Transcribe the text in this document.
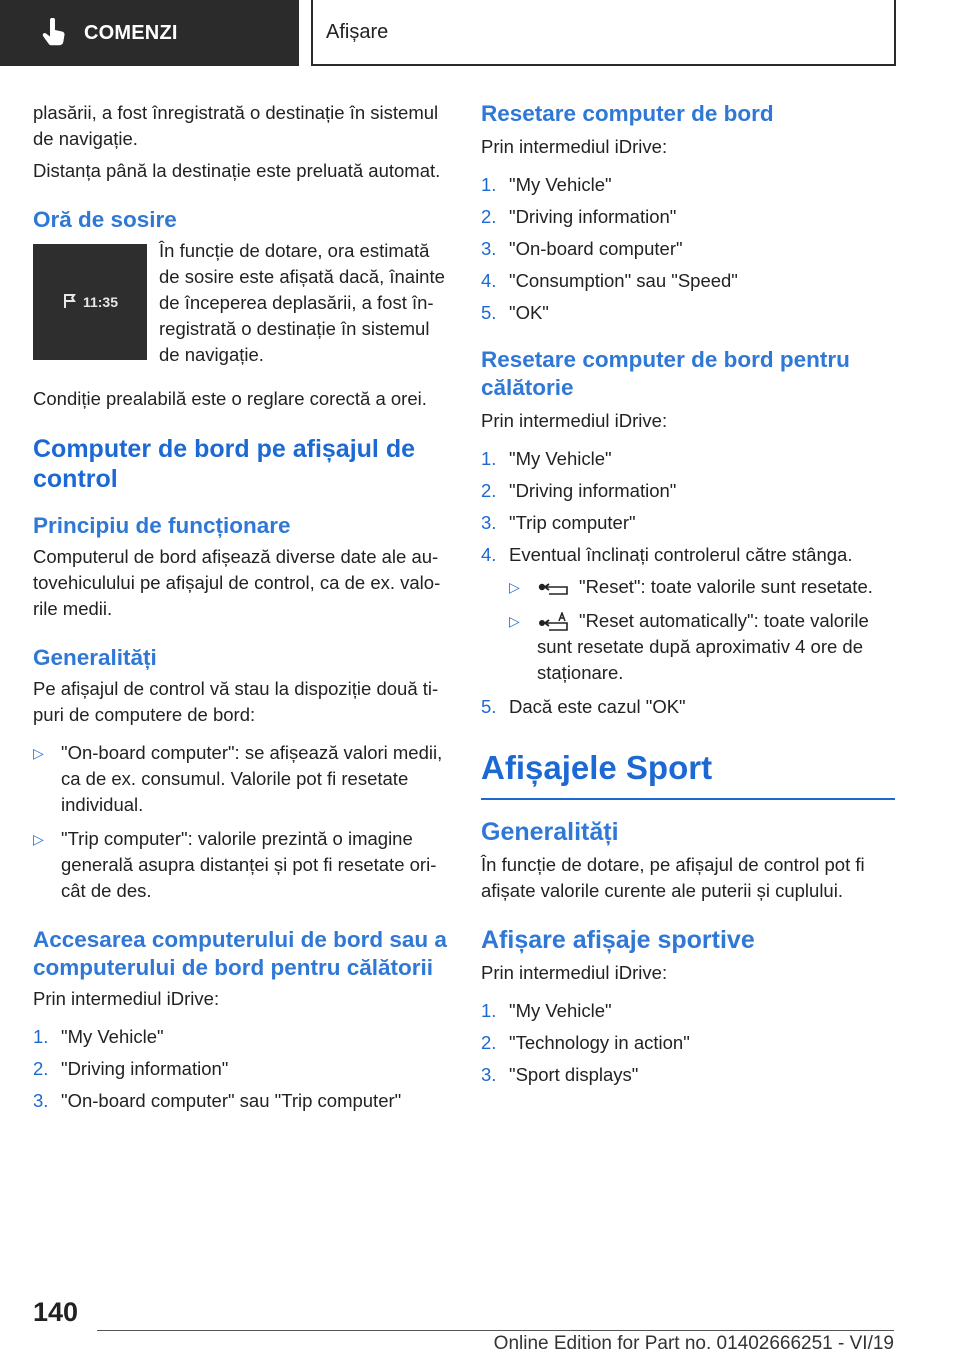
COMENZI	Afișare

plasării, a fost înregistrată o destinație în sistemul de navigație.

Distanța până la destinație este preluată automat.

Oră de sosire
11:35

În funcție de dotare, ora estimată de sosire este afișată dacă, înainte de începerea deplasării, a fost înregistrată o destinație în sistemul de navigație.

Condiție prealabilă este o reglare corectă a orei.

Computer de bord pe afișajul de control
Principiu de funcționare

Computerul de bord afișează diverse date ale autovehiculului pe afișajul de control, ca de ex. valorile medii.

Generalități

Pe afișajul de control vă stau la dispoziție două tipuri de computere de bord:

▷ "On-board computer": se afișează valori medii, ca de ex. consumul. Valorile pot fi resetate individual.
▷ "Trip computer": valorile prezintă o imagine generală asupra distanței și pot fi resetate oricât de des.
Accesarea computerului de bord sau a computerului de bord pentru călătorii

Prin intermediul iDrive:

1. "My Vehicle"
2. "Driving information"
3. "On-board computer" sau "Trip computer"
Resetare computer de bord

Prin intermediul iDrive:

1. "My Vehicle"
2. "Driving information"
3. "On-board computer"
4. "Consumption" sau "Speed"
5. "OK"
Resetare computer de bord pentru călătorie

Prin intermediul iDrive:

1. "My Vehicle"
2. "Driving information"
3. "Trip computer"
4. Eventual înclinați controlerul către stânga.
▷	"Reset": toate valorile sunt resetate.
▷	"Reset automatically": toate valorile sunt resetate după aproximativ 4 ore de staționare.
5. Dacă este cazul "OK"
Afișajele Sport
Generalități

În funcție de dotare, pe afișajul de control pot fi afișate valorile curente ale puterii și cuplului.

Afișare afișaje sportive

Prin intermediul iDrive:

1. "My Vehicle"
2. "Technology in action"
3. "Sport displays"
140
Online Edition for Part no. 01402666251 - VI/19
